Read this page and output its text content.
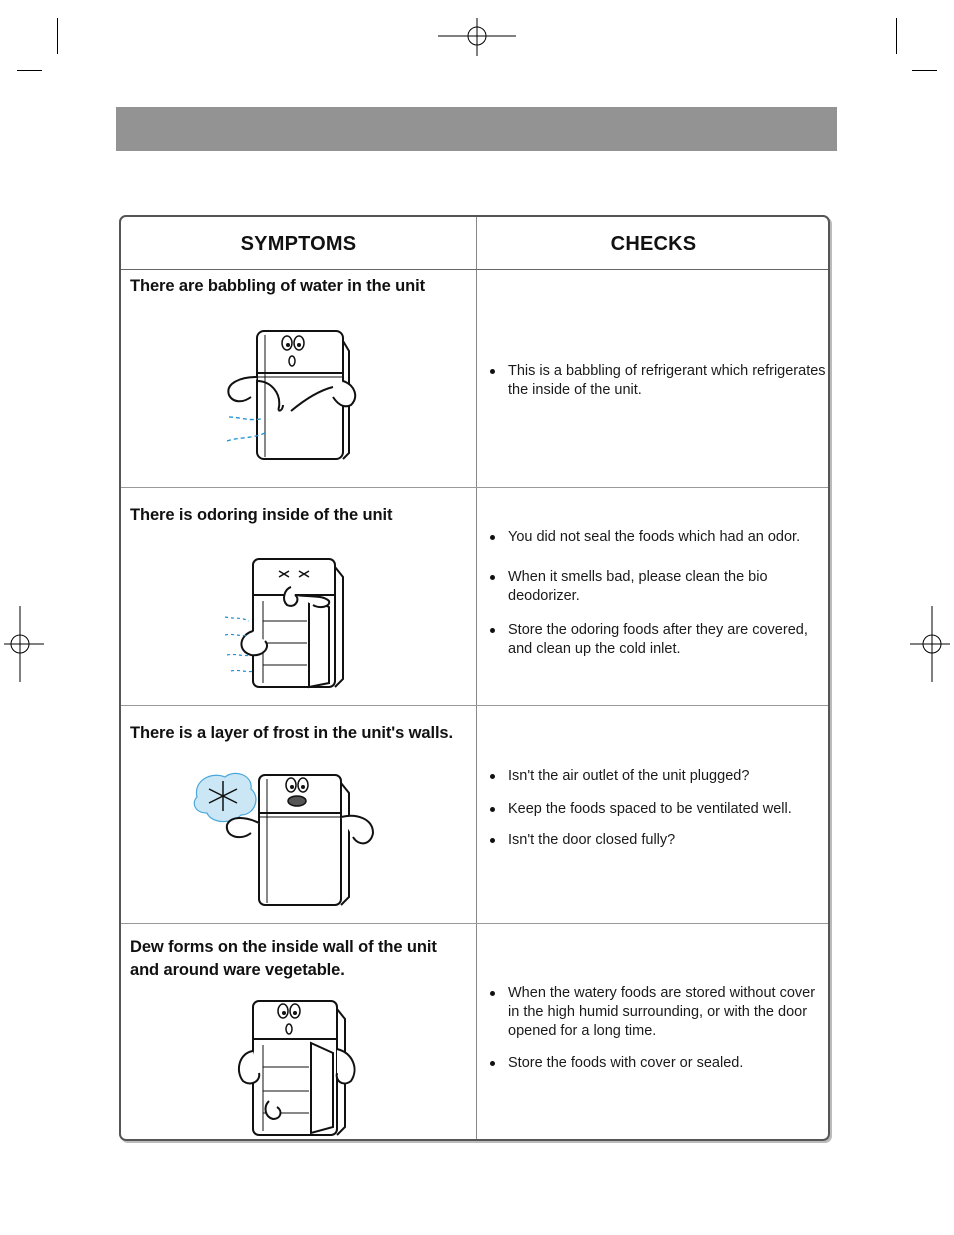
SYMPTOMS	CHECKS
There are babbling of water in the unit
This is a babbling of refrigerant which refrigerates the inside of the unit.
There is odoring inside of the unit
You did not seal the foods which had an odor.
When it smells bad, please clean the bio deodorizer.
Store the odoring foods after they are covered, and clean up the cold inlet.
There is a layer of frost in the unit's walls.
Isn't the air outlet of the unit plugged?
Keep the foods spaced to be ventilated well.
Isn't the door closed fully?
Dew forms on the inside wall of the unit and around ware vegetable.
When the watery foods are stored without cover in the high humid surrounding, or with the door opened for a long time.
Store the foods with cover or sealed.
